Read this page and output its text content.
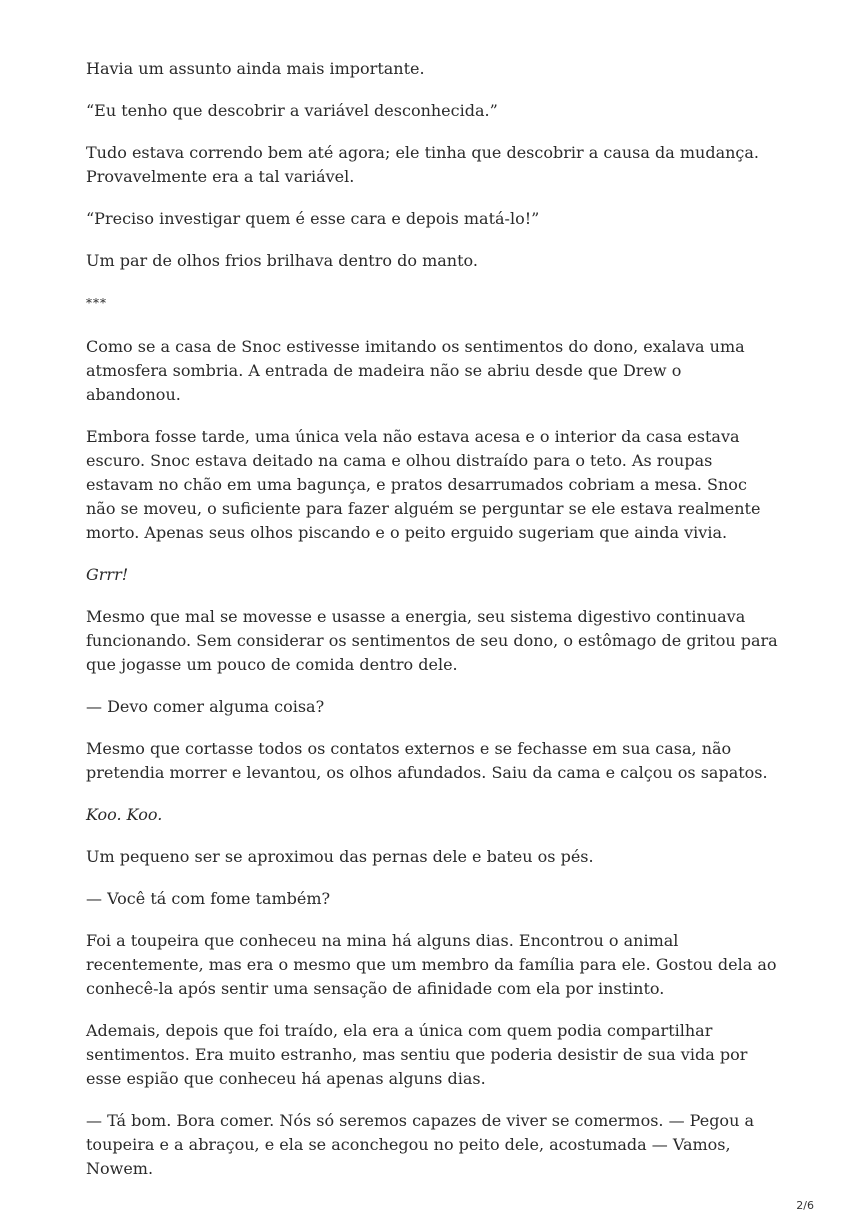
Havia um assunto ainda mais importante.

“Eu tenho que descobrir a variável desconhecida.”

Tudo estava correndo bem até agora; ele tinha que descobrir a causa da mudança. Provavelmente era a tal variável.

“Preciso investigar quem é esse cara e depois matá-lo!”

Um par de olhos frios brilhava dentro do manto.

***

Como se a casa de Snoc estivesse imitando os sentimentos do dono, exalava uma atmosfera sombria. A entrada de madeira não se abriu desde que Drew o abandonou.

Embora fosse tarde, uma única vela não estava acesa e o interior da casa estava escuro. Snoc estava deitado na cama e olhou distraído para o teto. As roupas estavam no chão em uma bagunça, e pratos desarrumados cobriam a mesa. Snoc não se moveu, o suficiente para fazer alguém se perguntar se ele estava realmente morto. Apenas seus olhos piscando e o peito erguido sugeriam que ainda vivia.

Grrr!

Mesmo que mal se movesse e usasse a energia, seu sistema digestivo continuava funcionando. Sem considerar os sentimentos de seu dono, o estômago de gritou para que jogasse um pouco de comida dentro dele.

— Devo comer alguma coisa?

Mesmo que cortasse todos os contatos externos e se fechasse em sua casa, não pretendia morrer e levantou, os olhos afundados. Saiu da cama e calçou os sapatos.

Koo. Koo.

Um pequeno ser se aproximou das pernas dele e bateu os pés.

— Você tá com fome também?

Foi a toupeira que conheceu na mina há alguns dias. Encontrou o animal recentemente, mas era o mesmo que um membro da família para ele. Gostou dela ao conhecê-la após sentir uma sensação de afinidade com ela por instinto.

Ademais, depois que foi traído, ela era a única com quem podia compartilhar sentimentos. Era muito estranho, mas sentiu que poderia desistir de sua vida por esse espião que conheceu há apenas alguns dias.

— Tá bom. Bora comer. Nós só seremos capazes de viver se comermos. — Pegou a toupeira e a abraçou, e ela se aconchegou no peito dele, acostumada — Vamos, Nowem.

2/6
